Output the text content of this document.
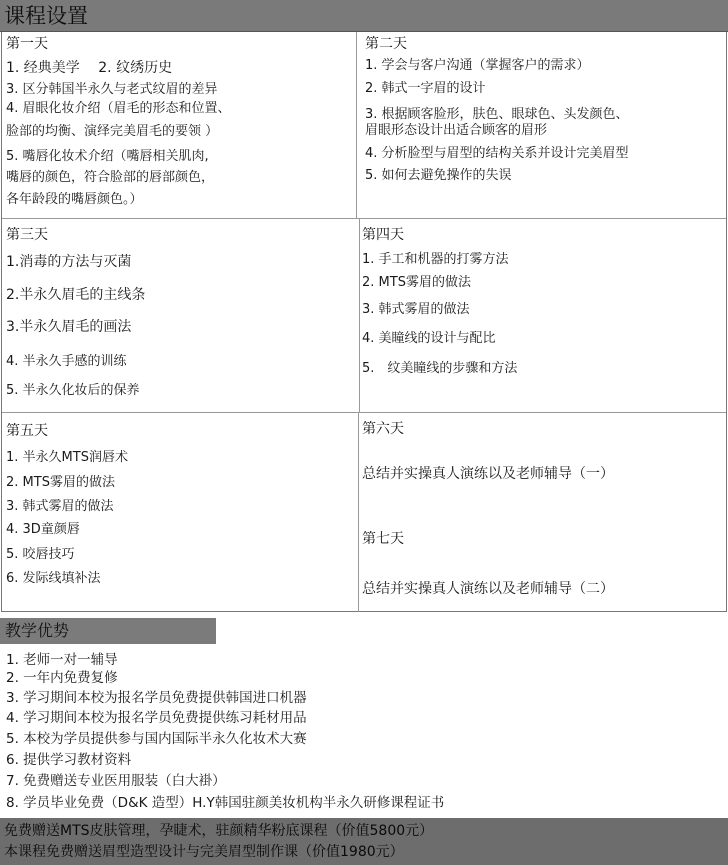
课程设置
第一天
1. 经典美学　 2. 纹绣历史
3. 区分韩国半永久与老式纹眉的差异
4. 眉眼化妆介绍（眉毛的形态和位置、
脸部的均衡、演绎完美眉毛的要领 ）
5. 嘴唇化妆术介绍（嘴唇相关肌肉,
嘴唇的颜色，符合脸部的唇部颜色，
各年龄段的嘴唇颜色。）
第二天
1. 学会与客户沟通（掌握客户的需求）
2. 韩式一字眉的设计
3. 根据顾客脸形，肤色、眼球色、头发颜色、
眉眼形态设计出适合顾客的眉形
4. 分析脸型与眉型的结构关系并设计完美眉型
5. 如何去避免操作的失误
第三天
1.消毒的方法与灭菌
2.半永久眉毛的主线条
3.半永久眉毛的画法
4. 半永久手感的训练
5. 半永久化妆后的保养
第四天
1. 手工和机器的打雾方法
2. MTS雾眉的做法
3. 韩式雾眉的做法
4. 美瞳线的设计与配比
5.　纹美瞳线的步骤和方法
第五天
1. 半永久MTS润唇术
2. MTS雾眉的做法
3. 韩式雾眉的做法
4. 3D童颜唇
5. 咬唇技巧
6. 发际线填补法
第六天
总结并实操真人演练以及老师辅导（一）
第七天
总结并实操真人演练以及老师辅导（二）
教学优势
1. 老师一对一辅导
2. 一年内免费复修
3. 学习期间本校为报名学员免费提供韩国进口机器
4. 学习期间本校为报名学员免费提供练习耗材用品
5. 本校为学员提供参与国内国际半永久化妆术大赛
6. 提供学习教材资料
7. 免费赠送专业医用服装（白大褂）
8. 学员毕业免费（D&K 造型）H.Y韩国驻颜美妆机构半永久研修课程证书
免费赠送MTS皮肤管理，孕睫术，驻颜精华粉底课程（价值5800元）
本课程免费赠送眉型造型设计与完美眉型制作课（价值1980元）
